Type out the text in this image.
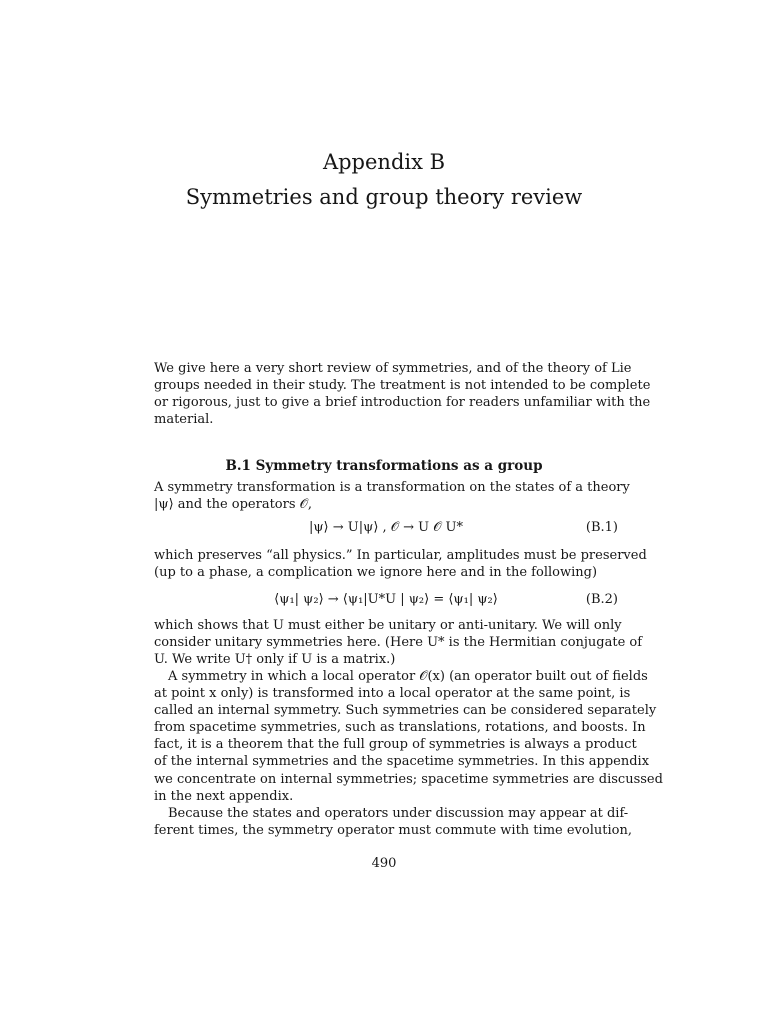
Appendix B
Symmetries and group theory review
We give here a very short review of symmetries, and of the theory of Lie
groups needed in their study. The treatment is not intended to be complete
or rigorous, just to give a brief introduction for readers unfamiliar with the
material.
B.1 Symmetry transformations as a group
A symmetry transformation is a transformation on the states of a theory
|ψ⟩ and the operators 𝒪,
|ψ⟩ → U|ψ⟩ , 𝒪 → U 𝒪 U*	(B.1)
which preserves “all physics.” In particular, amplitudes must be preserved
(up to a phase, a complication we ignore here and in the following)
⟨ψ₁| ψ₂⟩ → ⟨ψ₁|U*U | ψ₂⟩ = ⟨ψ₁| ψ₂⟩	(B.2)
which shows that U must either be unitary or anti-unitary. We will only
consider unitary symmetries here. (Here U* is the Hermitian conjugate of
U. We write U† only if U is a matrix.)
A symmetry in which a local operator 𝒪(x) (an operator built out of fields
at point x only) is transformed into a local operator at the same point, is
called an internal symmetry. Such symmetries can be considered separately
from spacetime symmetries, such as translations, rotations, and boosts. In
fact, it is a theorem that the full group of symmetries is always a product
of the internal symmetries and the spacetime symmetries. In this appendix
we concentrate on internal symmetries; spacetime symmetries are discussed
in the next appendix.
Because the states and operators under discussion may appear at dif-
ferent times, the symmetry operator must commute with time evolution,
490
